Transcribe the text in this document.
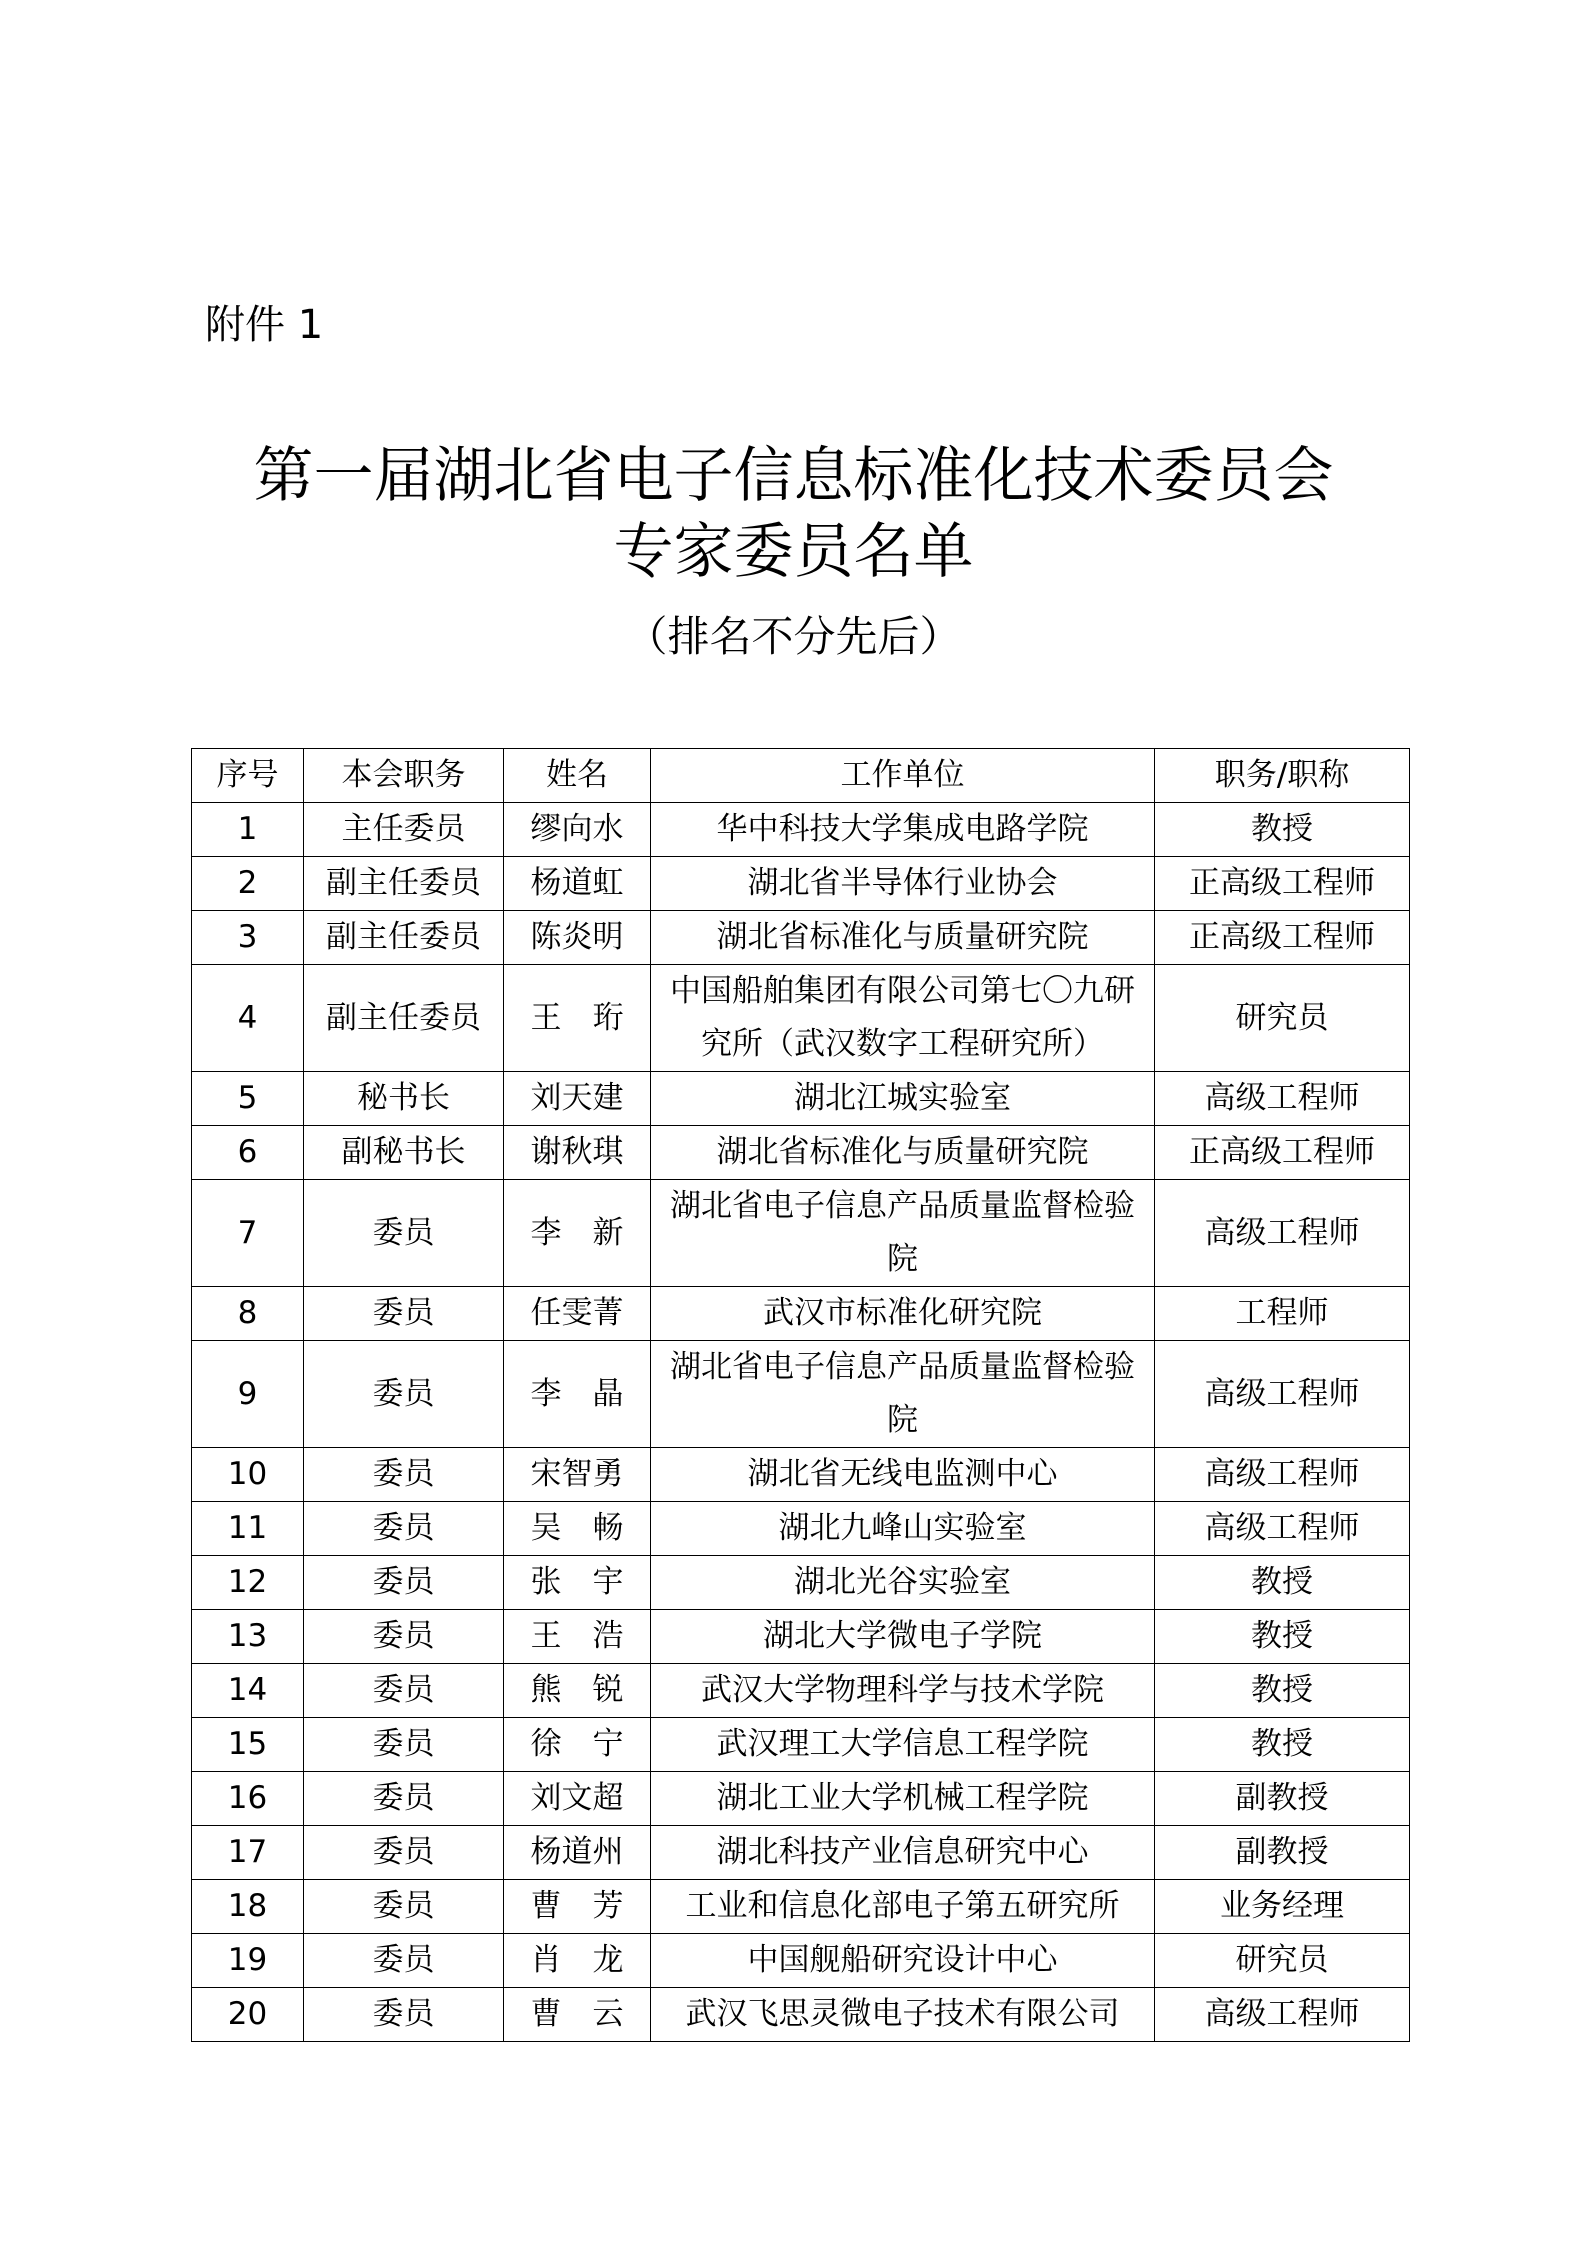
附件 1
第一届湖北省电子信息标准化技术委员会
专家委员名单
（排名不分先后）
序号	本会职务	姓名	工作单位	职务/职称
1	主任委员	缪向水	华中科技大学集成电路学院	教授
2	副主任委员	杨道虹	湖北省半导体行业协会	正高级工程师
3	副主任委员	陈炎明	湖北省标准化与质量研究院	正高级工程师
4	副主任委员	王　珩	中国船舶集团有限公司第七〇九研究所（武汉数字工程研究所）	研究员
5	秘书长	刘天建	湖北江城实验室	高级工程师
6	副秘书长	谢秋琪	湖北省标准化与质量研究院	正高级工程师
7	委员	李　新	湖北省电子信息产品质量监督检验院	高级工程师
8	委员	任雯菁	武汉市标准化研究院	工程师
9	委员	李　晶	湖北省电子信息产品质量监督检验院	高级工程师
10	委员	宋智勇	湖北省无线电监测中心	高级工程师
11	委员	吴　畅	湖北九峰山实验室	高级工程师
12	委员	张　宇	湖北光谷实验室	教授
13	委员	王　浩	湖北大学微电子学院	教授
14	委员	熊　锐	武汉大学物理科学与技术学院	教授
15	委员	徐　宁	武汉理工大学信息工程学院	教授
16	委员	刘文超	湖北工业大学机械工程学院	副教授
17	委员	杨道州	湖北科技产业信息研究中心	副教授
18	委员	曹　芳	工业和信息化部电子第五研究所	业务经理
19	委员	肖　龙	中国舰船研究设计中心	研究员
20	委员	曹　云	武汉飞思灵微电子技术有限公司	高级工程师
